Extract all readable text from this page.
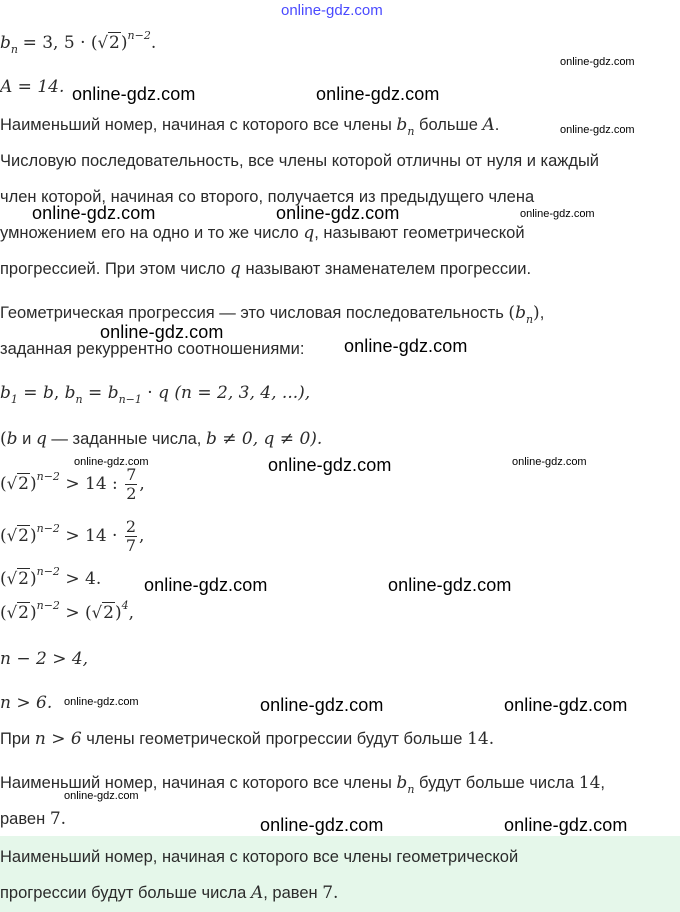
online-gdz.com
$b_n = 3$, $5 \cdot (√2)^{n-2}$.
A = 14.
Наименьший номер, начиная с которого все члены $b_n$ больше A.
Числовую последовательность, все члены которой отличны от нуля и каждый
член которой, начиная со второго, получается из предыдущего члена
умножением его на одно и то же число q, называют геометрической
прогрессией. При этом число q называют знаменателем прогрессии.
Геометрическая прогрессия — это числовая последовательность $(b_n)$,
заданная рекуррентно соотношениями:
$b_1 = b$, $b_n = b_{n-1} \cdot q$ (n = 2, 3, 4, ...),
(b и q — заданные числа, b ≠ 0, q ≠ 0).
$(√2)^{n-2} > 14$ : $\frac{7}{2}$ ,
$(√2)^{n-2} > 14 \cdot \frac{2}{7}$ ,
$(√2)^{n-2} > 4$.
$(√2)^{n-2} > (√2)^4$,
n − 2 > 4,
n > 6.
При n > 6 члены геометрической прогрессии будут больше 14.
Наименьший номер, начиная с которого все члены $b_n$ будут больше числа 14,
равен 7.
Наименьший номер, начиная с которого все члены геометрической
прогрессии будут больше числа A, равен 7.
online-gdz.com
online-gdz.com	online-gdz.com
online-gdz.com
online-gdz.com	online-gdz.com	online-gdz.com
online-gdz.com
online-gdz.com
online-gdz.com	online-gdz.com	online-gdz.com
online-gdz.com	online-gdz.com
online-gdz.com	online-gdz.com	online-gdz.com
online-gdz.com
online-gdz.com	online-gdz.com
